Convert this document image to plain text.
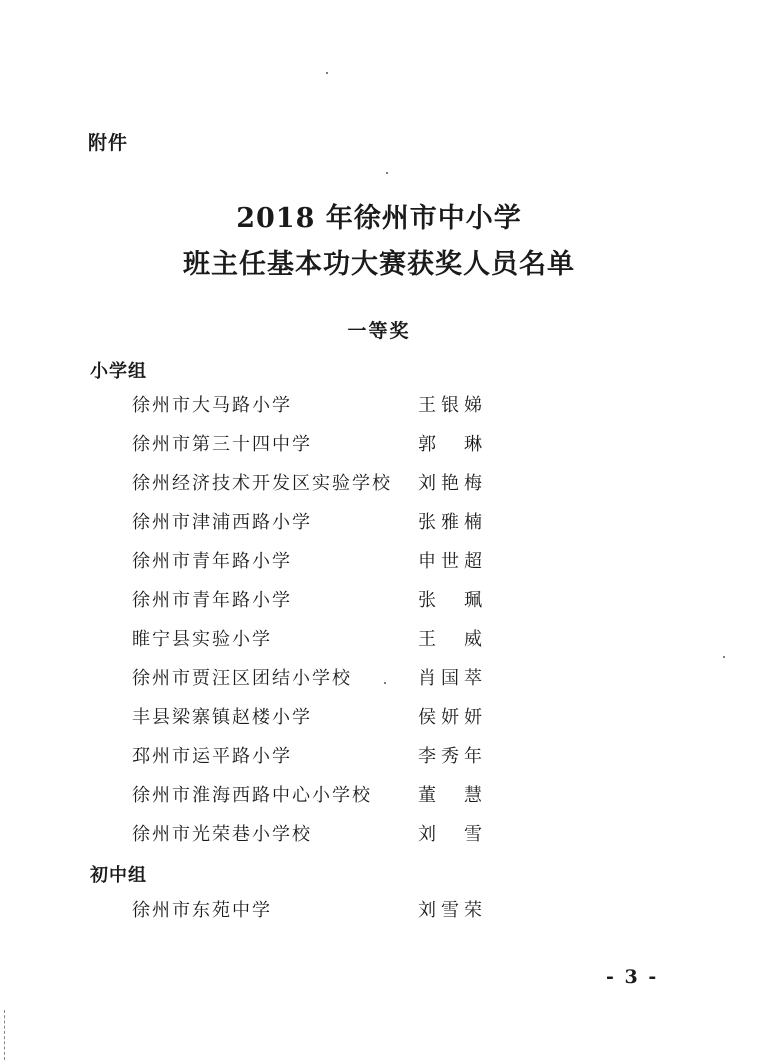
附件
2018 年徐州市中小学
班主任基本功大赛获奖人员名单
一等奖
小学组
徐州市大马路小学	王银娣
徐州市第三十四中学	郭琳
徐州经济技术开发区实验学校 刘艳梅
徐州市津浦西路小学	张雅楠
徐州市青年路小学	申世超
徐州市青年路小学	张珮
睢宁县实验小学	王威
徐州市贾汪区团结小学校	肖国萃
丰县梁寨镇赵楼小学	侯妍妍
邳州市运平路小学	李秀年
徐州市淮海西路中心小学校	董慧
徐州市光荣巷小学校	刘雪
初中组
徐州市东苑中学	刘雪荣
- 3 -
